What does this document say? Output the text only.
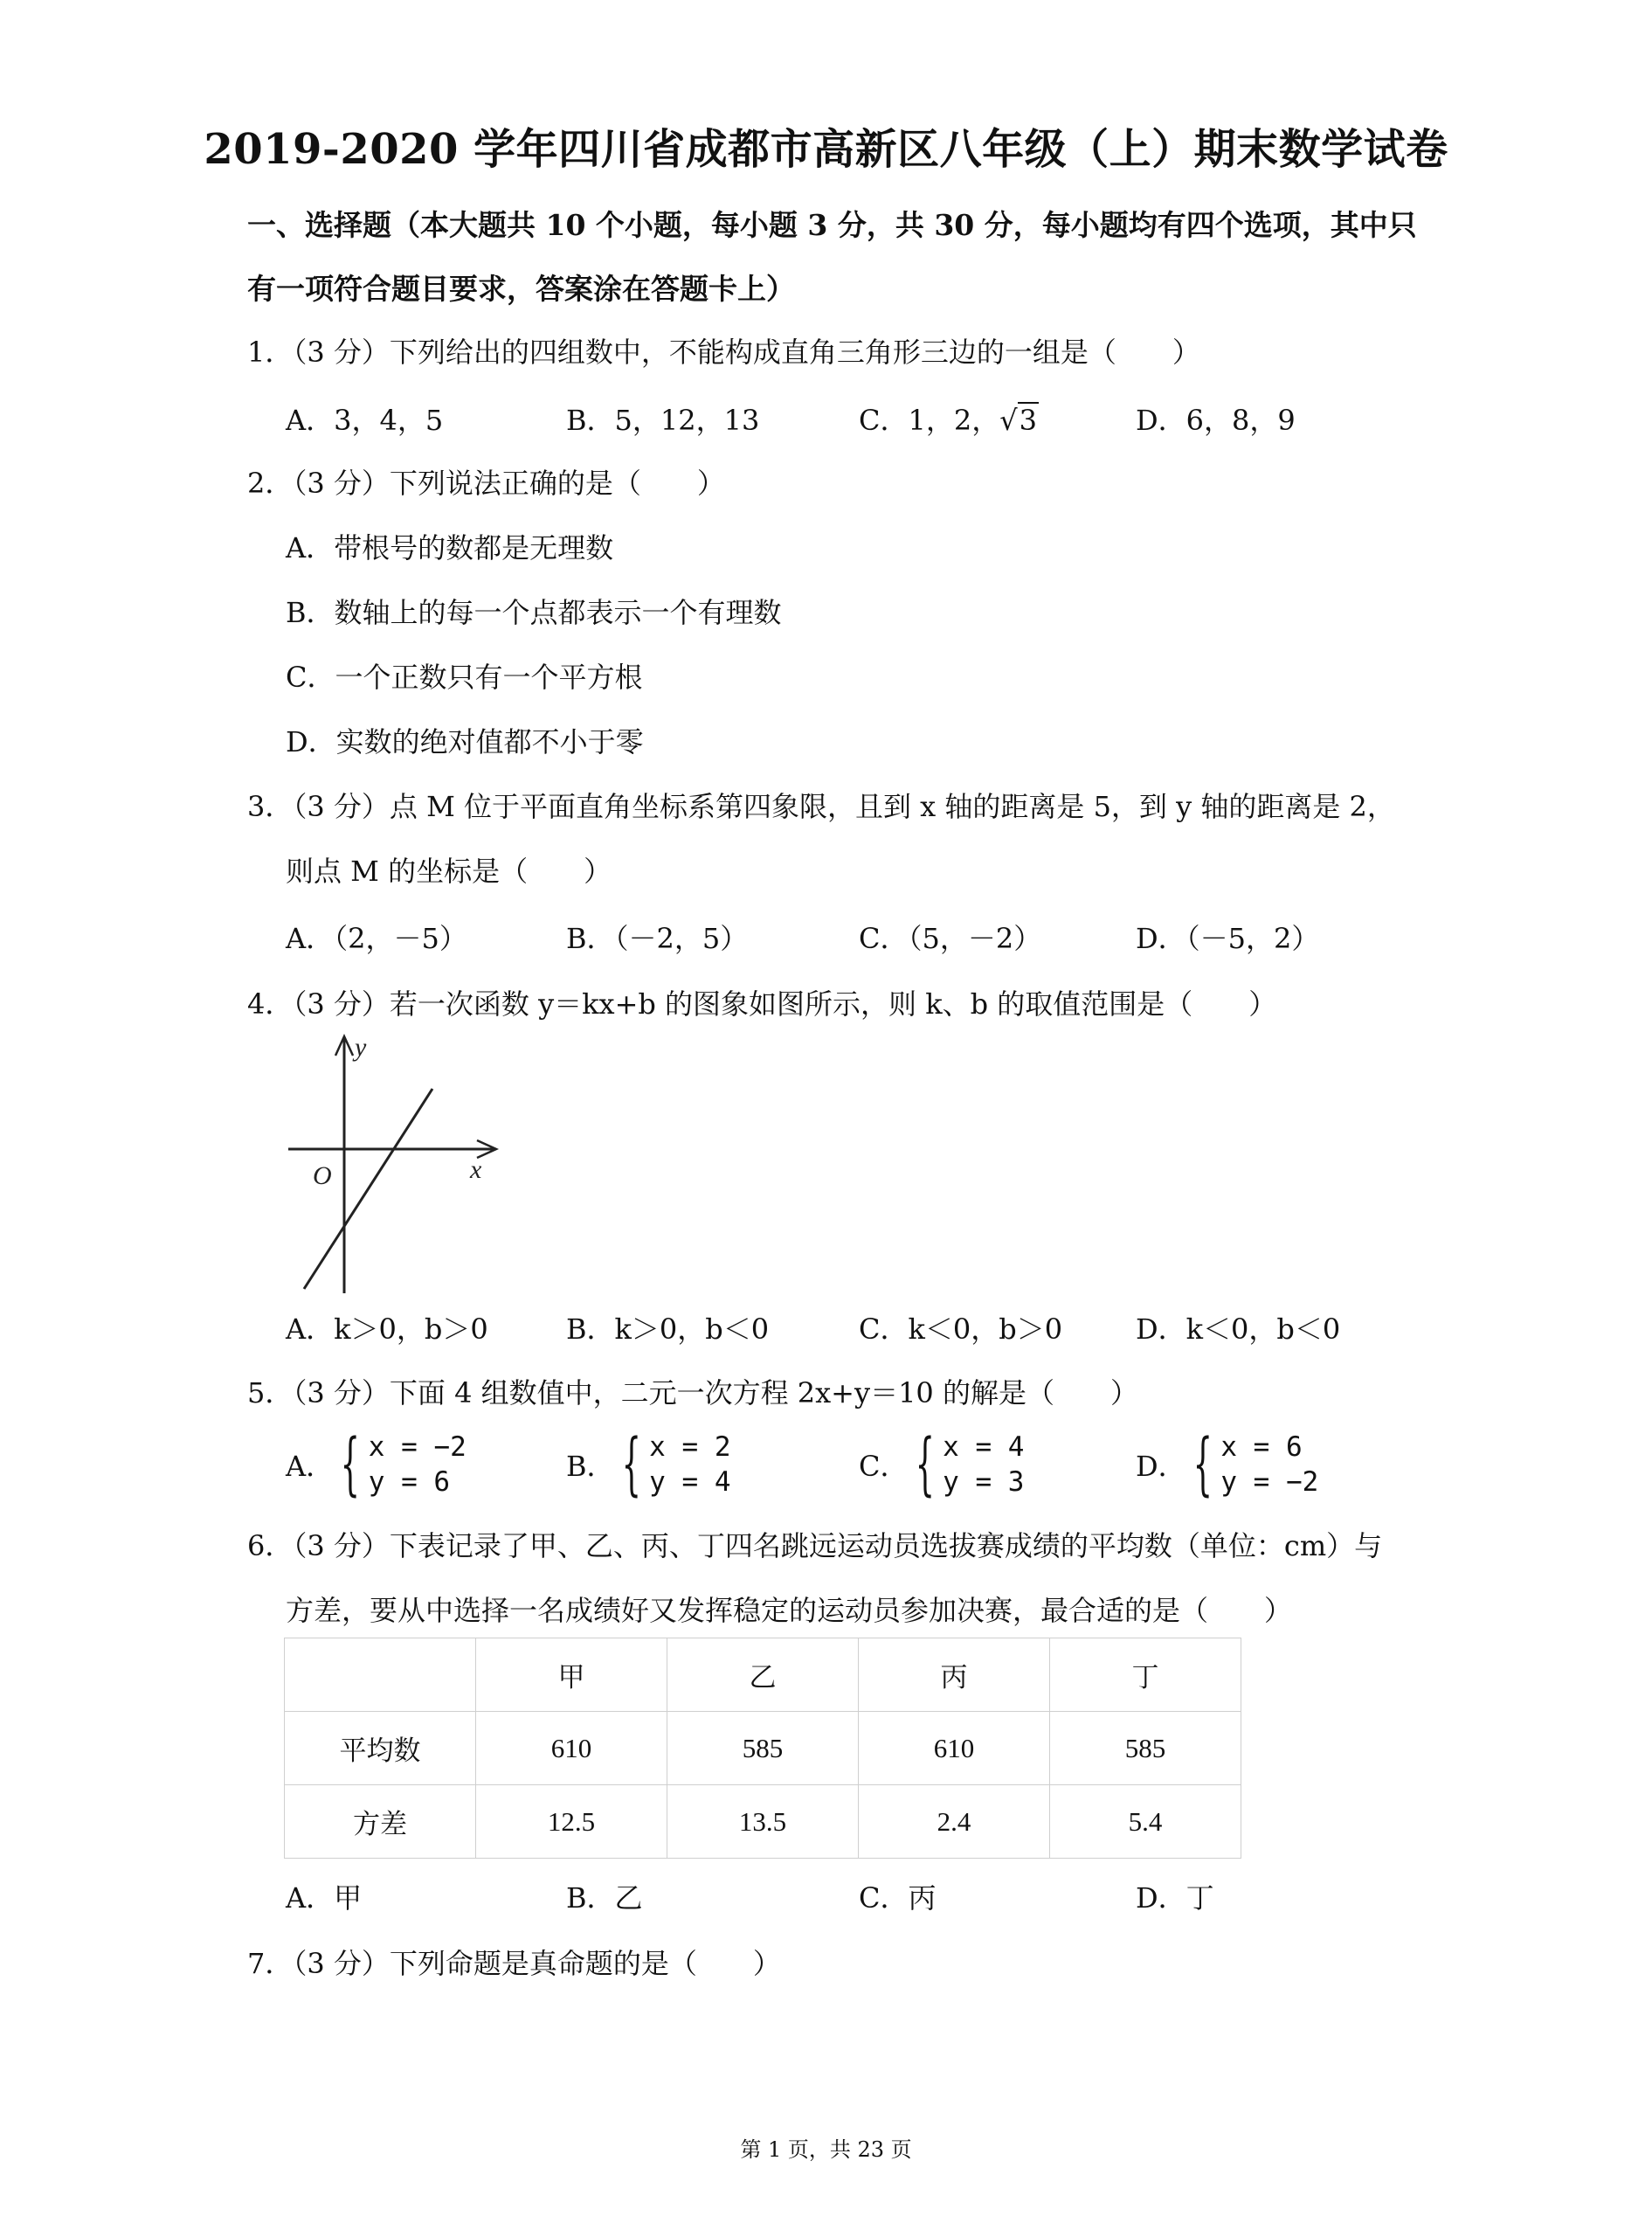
2019-2020 学年四川省成都市高新区八年级（上）期末数学试卷
一、选择题（本大题共 10 个小题，每小题 3 分，共 30 分，每小题均有四个选项，其中只
有一项符合题目要求，答案涂在答题卡上）
1．（3 分）下列给出的四组数中，不能构成直角三角形三边的一组是（　　）
A．3，4，5	B．5，12，13	C．1，2，√3	D．6，8，9
2．（3 分）下列说法正确的是（　　）
A．带根号的数都是无理数
B．数轴上的每一个点都表示一个有理数
C．一个正数只有一个平方根
D．实数的绝对值都不小于零
3．（3 分）点 M 位于平面直角坐标系第四象限，且到 x 轴的距离是 5，到 y 轴的距离是 2，
则点 M 的坐标是（　　）
A．（2，－5）	B．（－2，5）	C．（5，－2）	D．（－5，2）
4．（3 分）若一次函数 y＝kx+b 的图象如图所示，则 k、b 的取值范围是（　　）
y
x
O
A．k＞0，b＞0	B．k＞0，b＜0	C．k＜0，b＞0	D．k＜0，b＜0
5．（3 分）下面 4 组数值中，二元一次方程 2x+y＝10 的解是（　　）
A． { x = −2
y = 6	B． { x = 2
y = 4	C． { x = 4
y = 3	D． { x = 6
y = −2
6．（3 分）下表记录了甲、乙、丙、丁四名跳远运动员选拔赛成绩的平均数（单位：cm）与
方差，要从中选择一名成绩好又发挥稳定的运动员参加决赛，最合适的是（　　）
	甲	乙	丙	丁
平均数	610	585	610	585
方差	12.5	13.5	2.4	5.4
A．甲	B．乙	C．丙	D．丁
7．（3 分）下列命题是真命题的是（　　）
第 1 页，共 23 页
